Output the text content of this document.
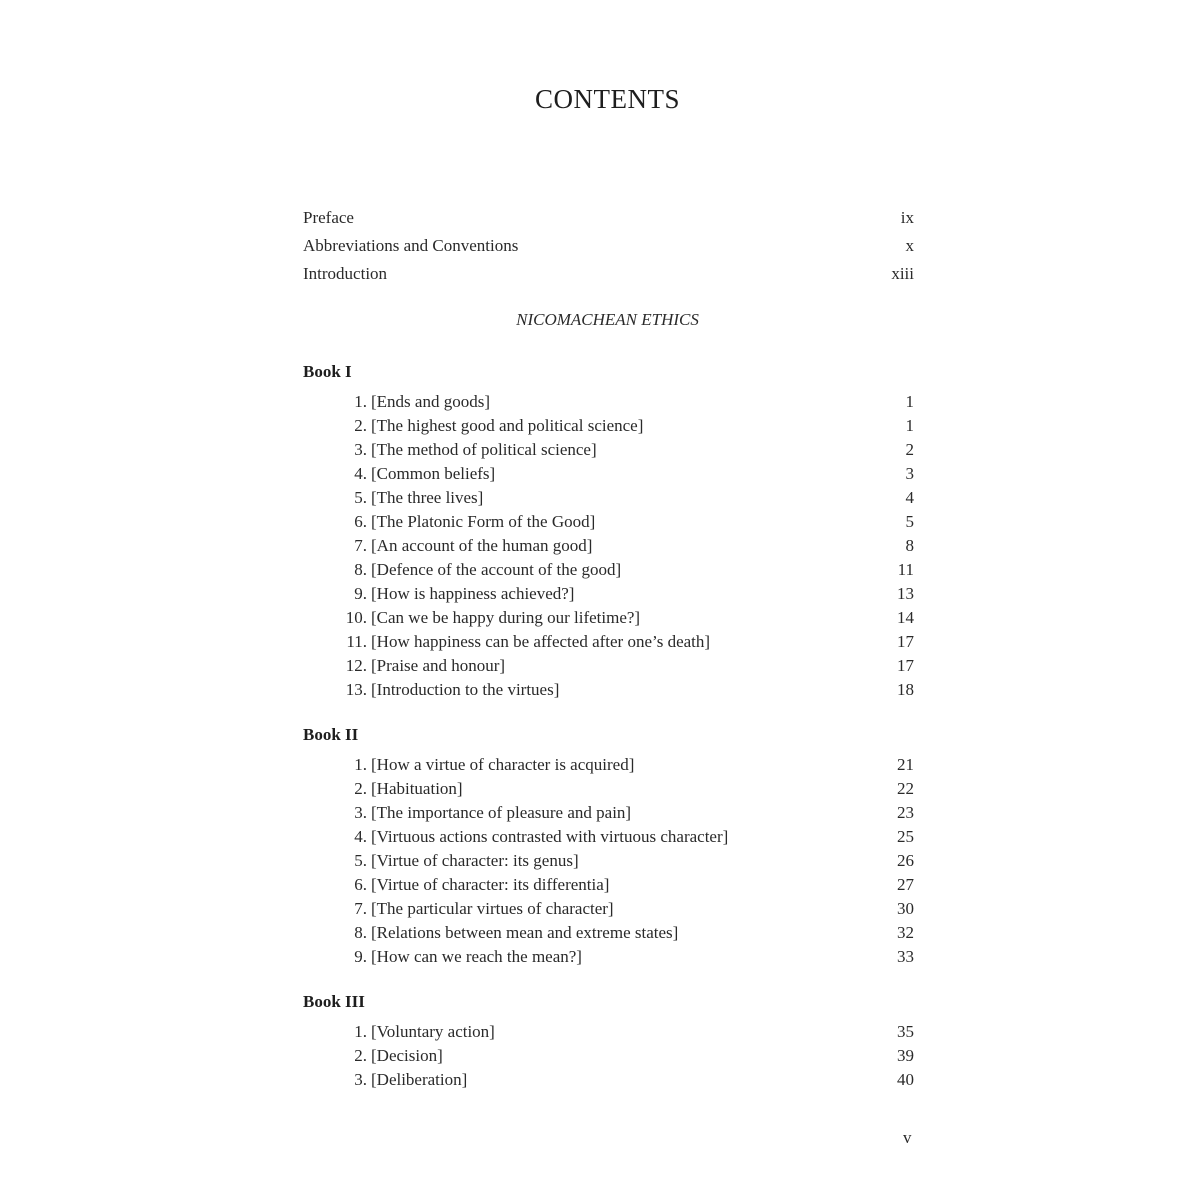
CONTENTS
Preface	ix
Abbreviations and Conventions	x
Introduction	xiii
NICOMACHEAN ETHICS
Book I
1. [Ends and goods]	1
2. [The highest good and political science]	1
3. [The method of political science]	2
4. [Common beliefs]	3
5. [The three lives]	4
6. [The Platonic Form of the Good]	5
7. [An account of the human good]	8
8. [Defence of the account of the good]	11
9. [How is happiness achieved?]	13
10. [Can we be happy during our lifetime?]	14
11. [How happiness can be affected after one’s death]	17
12. [Praise and honour]	17
13. [Introduction to the virtues]	18
Book II
1. [How a virtue of character is acquired]	21
2. [Habituation]	22
3. [The importance of pleasure and pain]	23
4. [Virtuous actions contrasted with virtuous character]	25
5. [Virtue of character: its genus]	26
6. [Virtue of character: its differentia]	27
7. [The particular virtues of character]	30
8. [Relations between mean and extreme states]	32
9. [How can we reach the mean?]	33
Book III
1. [Voluntary action]	35
2. [Decision]	39
3. [Deliberation]	40
v
